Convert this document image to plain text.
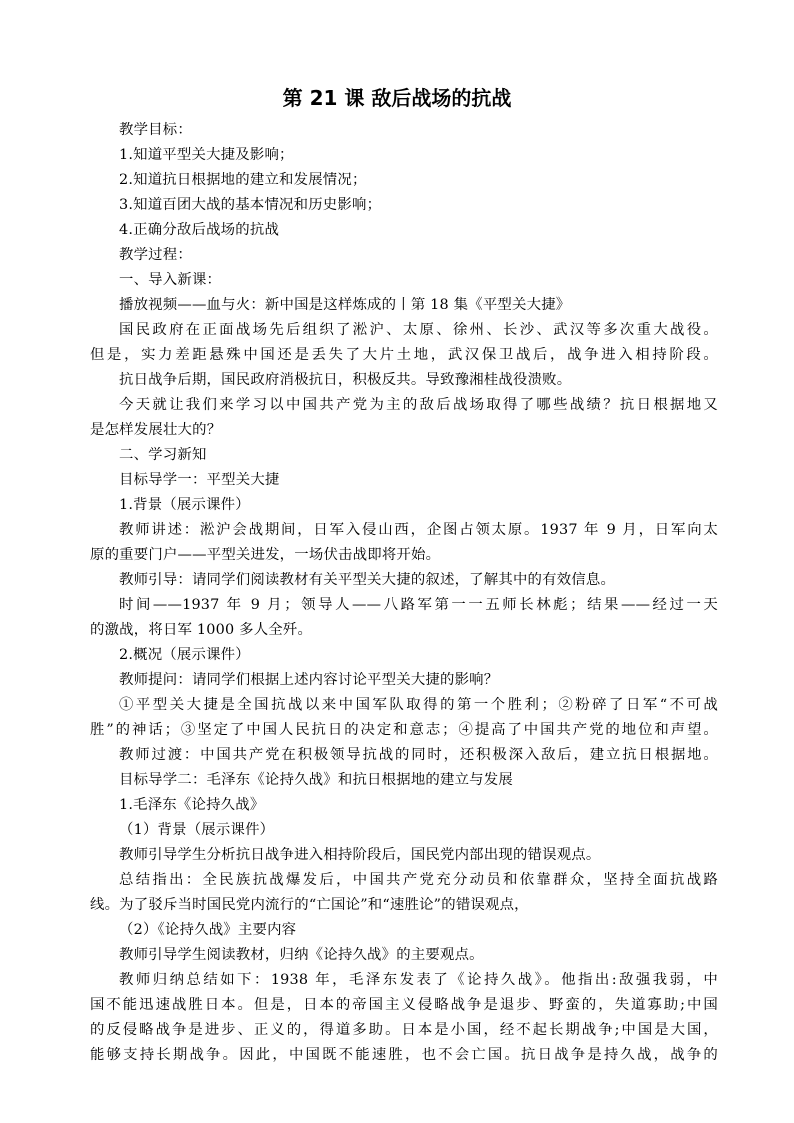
第 21 课 敌后战场的抗战
教学目标：
1.知道平型关大捷及影响；
2.知道抗日根据地的建立和发展情况；
3.知道百团大战的基本情况和历史影响；
4.正确分敌后战场的抗战
教学过程：
一、导入新课：
播放视频——血与火：新中国是这样炼成的丨第 18 集《平型关大捷》
国民政府在正面战场先后组织了淞沪、太原、徐州、长沙、武汉等多次重大战役。
但是，实力差距悬殊中国还是丢失了大片土地，武汉保卫战后，战争进入相持阶段。
抗日战争后期，国民政府消极抗日，积极反共。导致豫湘桂战役溃败。
今天就让我们来学习以中国共产党为主的敌后战场取得了哪些战绩？抗日根据地又
是怎样发展壮大的？
二、学习新知
目标导学一：平型关大捷
1.背景（展示课件）
教师讲述：淞沪会战期间，日军入侵山西，企图占领太原。1937 年 9 月，日军向太
原的重要门户——平型关进发，一场伏击战即将开始。
教师引导：请同学们阅读教材有关平型关大捷的叙述，了解其中的有效信息。
时间——1937 年 9 月；领导人——八路军第一一五师长林彪；结果——经过一天
的激战，将日军 1000 多人全歼。
2.概况（展示课件）
教师提问：请同学们根据上述内容讨论平型关大捷的影响？
①平型关大捷是全国抗战以来中国军队取得的第一个胜利；②粉碎了日军“不可战
胜”的神话；③坚定了中国人民抗日的决定和意志；④提高了中国共产党的地位和声望。
教师过渡：中国共产党在积极领导抗战的同时，还积极深入敌后，建立抗日根据地。
目标导学二：毛泽东《论持久战》和抗日根据地的建立与发展
1.毛泽东《论持久战》
（1）背景（展示课件）
教师引导学生分析抗日战争进入相持阶段后，国民党内部出现的错误观点。
总结指出：全民族抗战爆发后，中国共产党充分动员和依靠群众，坚持全面抗战路
线。为了驳斥当时国民党内流行的“亡国论”和“速胜论”的错误观点，
（2）《论持久战》主要内容
教师引导学生阅读教材，归纳《论持久战》的主要观点。
教师归纳总结如下：1938 年，毛泽东发表了《论持久战》。他指出:敌强我弱，中
国不能迅速战胜日本。但是，日本的帝国主义侵略战争是退步、野蛮的，失道寡助;中国
的反侵略战争是进步、正义的，得道多助。日本是小国，经不起长期战争;中国是大国，
能够支持长期战争。因此，中国既不能速胜，也不会亡国。抗日战争是持久战，战争的
